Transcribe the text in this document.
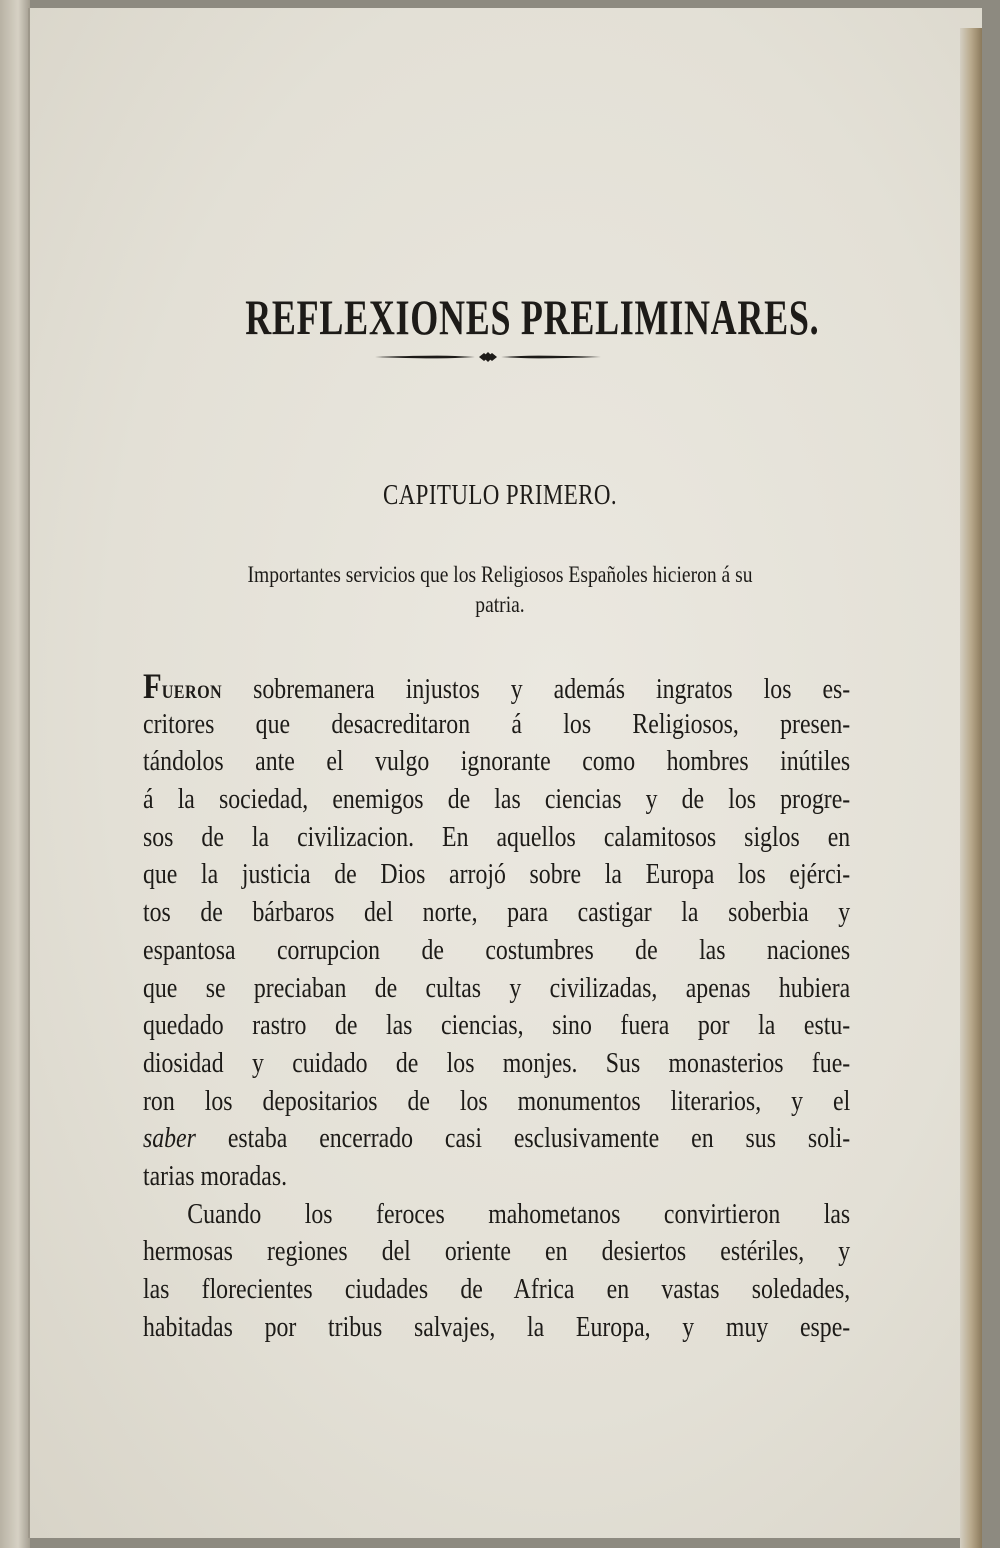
REFLEXIONES PRELIMINARES.
CAPITULO PRIMERO.
Importantes servicios que los Religiosos Españoles hicieron á su
patria.
FUERON sobremanera injustos y además ingratos los es-
critores que desacreditaron á los Religiosos, presen-
tándolos ante el vulgo ignorante como hombres inútiles
á la sociedad, enemigos de las ciencias y de los progre-
sos de la civilizacion. En aquellos calamitosos siglos en
que la justicia de Dios arrojó sobre la Europa los ejérci-
tos de bárbaros del norte, para castigar la soberbia y
espantosa corrupcion de costumbres de las naciones
que se preciaban de cultas y civilizadas, apenas hubiera
quedado rastro de las ciencias, sino fuera por la estu-
diosidad y cuidado de los monjes. Sus monasterios fue-
ron los depositarios de los monumentos literarios, y el
saber estaba encerrado casi esclusivamente en sus soli-
tarias moradas.
Cuando los feroces mahometanos convirtieron las
hermosas regiones del oriente en desiertos estériles, y
las florecientes ciudades de Africa en vastas soledades,
habitadas por tribus salvajes, la Europa, y muy espe-
